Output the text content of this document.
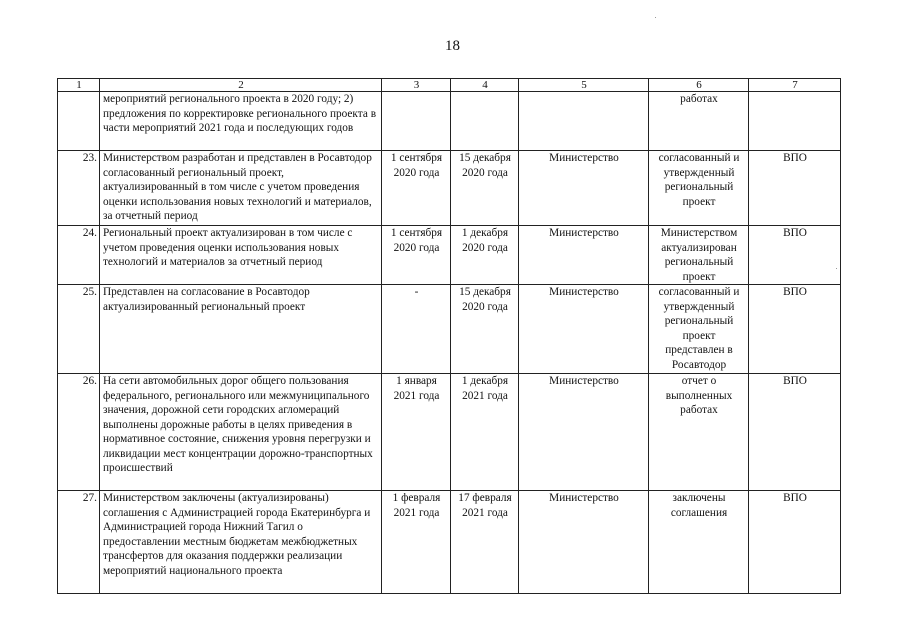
18
1	2	3	4	5	6	7
	мероприятий регионального проекта в 2020 году; 2) предложения по корректировке регионального проекта в части мероприятий 2021 года и последующих годов				работах	
23.	Министерством разработан и представлен в Росавтодор согласованный региональный проект, актуализированный в том числе с учетом проведения оценки использования новых технологий и материалов, за отчетный период	1 сентября 2020 года	15 декабря 2020 года	Министерство	согласованный и утвержденный региональный проект	ВПО
24.	Региональный проект актуализирован в том числе с учетом проведения оценки использования новых технологий и материалов за отчетный период	1 сентября 2020 года	1 декабря 2020 года	Министерство	Министерством актуализирован региональный проект	ВПО
25.	Представлен на согласование в Росавтодор актуализированный региональный проект	-	15 декабря 2020 года	Министерство	согласованный и утвержденный региональный проект представлен в Росавтодор	ВПО
26.	На сети автомобильных дорог общего пользования федерального, регионального или межмуниципального значения, дорожной сети городских агломераций выполнены дорожные работы в целях приведения в нормативное состояние, снижения уровня перегрузки и ликвидации мест концентрации дорожно-транспортных происшествий	1 января 2021 года	1 декабря 2021 года	Министерство	отчет о выполненных работах	ВПО
27.	Министерством заключены (актуализированы) соглашения с Администрацией города Екатеринбурга и Администрацией города Нижний Тагил о предоставлении местным бюджетам межбюджетных трансфертов для оказания поддержки реализации мероприятий национального проекта	1 февраля 2021 года	17 февраля 2021 года	Министерство	заключены соглашения	ВПО
